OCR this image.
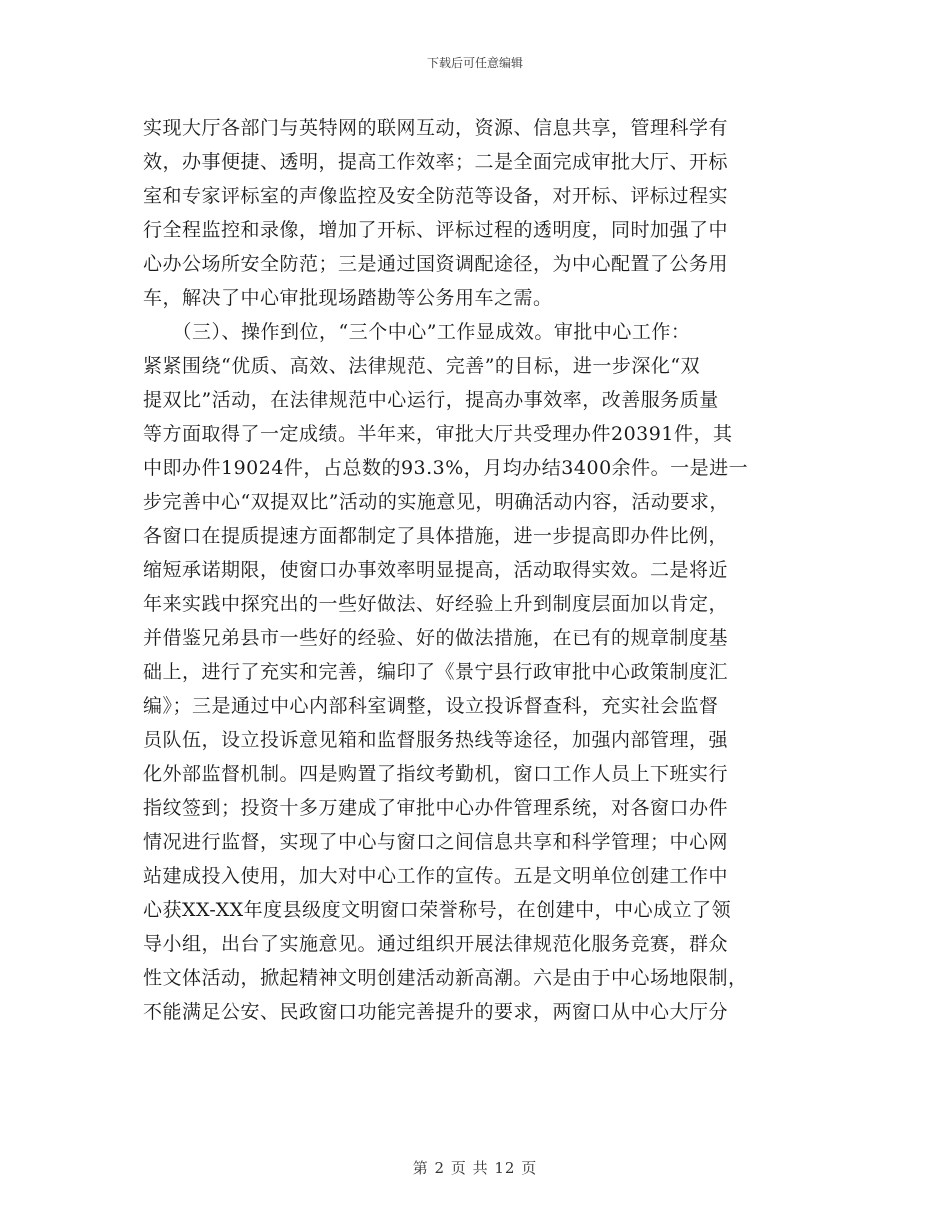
下载后可任意编辑
实现大厅各部门与英特网的联网互动，资源、信息共享，管理科学有
效，办事便捷、透明，提高工作效率；二是全面完成审批大厅、开标
室和专家评标室的声像监控及安全防范等设备，对开标、评标过程实
行全程监控和录像，增加了开标、评标过程的透明度，同时加强了中
心办公场所安全防范；三是通过国资调配途径，为中心配置了公务用
车，解决了中心审批现场踏勘等公务用车之需。
　　（三）、操作到位，“三个中心”工作显成效。审批中心工作：
紧紧围绕“优质、高效、法律规范、完善”的目标，进一步深化“双
提双比”活动，在法律规范中心运行，提高办事效率，改善服务质量
等方面取得了一定成绩。半年来，审批大厅共受理办件20391件，其
中即办件19024件，占总数的93.3%，月均办结3400余件。一是进一
步完善中心“双提双比”活动的实施意见，明确活动内容，活动要求，
各窗口在提质提速方面都制定了具体措施，进一步提高即办件比例，
缩短承诺期限，使窗口办事效率明显提高，活动取得实效。二是将近
年来实践中探究出的一些好做法、好经验上升到制度层面加以肯定，
并借鉴兄弟县市一些好的经验、好的做法措施，在已有的规章制度基
础上，进行了充实和完善，编印了《景宁县行政审批中心政策制度汇
编》；三是通过中心内部科室调整，设立投诉督查科，充实社会监督
员队伍，设立投诉意见箱和监督服务热线等途径，加强内部管理，强
化外部监督机制。四是购置了指纹考勤机，窗口工作人员上下班实行
指纹签到；投资十多万建成了审批中心办件管理系统，对各窗口办件
情况进行监督，实现了中心与窗口之间信息共享和科学管理；中心网
站建成投入使用，加大对中心工作的宣传。五是文明单位创建工作中
心获XX-XX年度县级度文明窗口荣誉称号，在创建中，中心成立了领
导小组，出台了实施意见。通过组织开展法律规范化服务竞赛，群众
性文体活动，掀起精神文明创建活动新高潮。六是由于中心场地限制，
不能满足公安、民政窗口功能完善提升的要求，两窗口从中心大厅分
第 2 页 共 12 页
